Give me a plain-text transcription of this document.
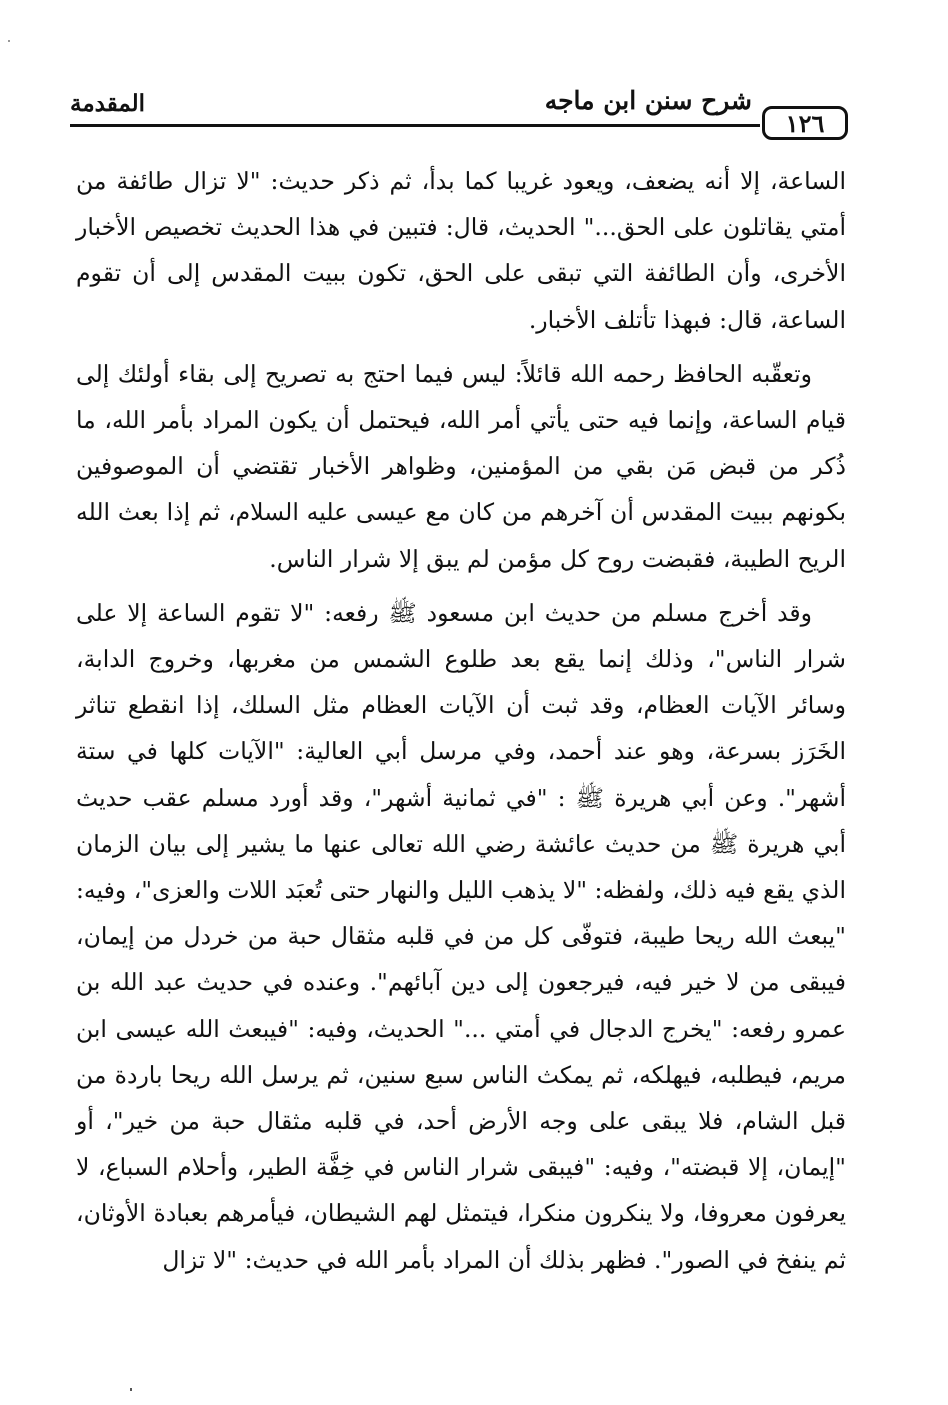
١٢٦
شرح سنن ابن ماجه
المقدمة

الساعة، إلا أنه يضعف، ويعود غريبا كما بدأ، ثم ذكر حديث: "لا تزال طائفة من أمتي يقاتلون على الحق..." الحديث، قال: فتبين في هذا الحديث تخصيص الأخبار الأخرى، وأن الطائفة التي تبقى على الحق، تكون ببيت المقدس إلى أن تقوم الساعة، قال: فبهذا تأتلف الأخبار.

وتعقّبه الحافظ رحمه الله قائلاً: ليس فيما احتج به تصريح إلى بقاء أولئك إلى قيام الساعة، وإنما فيه حتى يأتي أمر الله، فيحتمل أن يكون المراد بأمر الله، ما ذُكر من قبض مَن بقي من المؤمنين، وظواهر الأخبار تقتضي أن الموصوفين بكونهم ببيت المقدس أن آخرهم من كان مع عيسى عليه السلام، ثم إذا بعث الله الريح الطيبة، فقبضت روح كل مؤمن لم يبق إلا شرار الناس.

وقد أخرج مسلم من حديث ابن مسعود ﷺ رفعه: "لا تقوم الساعة إلا على شرار الناس"، وذلك إنما يقع بعد طلوع الشمس من مغربها، وخروج الدابة، وسائر الآيات العظام، وقد ثبت أن الآيات العظام مثل السلك، إذا انقطع تناثر الخَرَز بسرعة، وهو عند أحمد، وفي مرسل أبي العالية: "الآيات كلها في ستة أشهر". وعن أبي هريرة ﷺ : "في ثمانية أشهر"، وقد أورد مسلم عقب حديث أبي هريرة ﷺ من حديث عائشة رضي الله تعالى عنها ما يشير إلى بيان الزمان الذي يقع فيه ذلك، ولفظه: "لا يذهب الليل والنهار حتى تُعبَد اللات والعزى"، وفيه: "يبعث الله ريحا طيبة، فتوفّى كل من في قلبه مثقال حبة من خردل من إيمان، فيبقى من لا خير فيه، فيرجعون إلى دين آبائهم". وعنده في حديث عبد الله بن عمرو رفعه: "يخرج الدجال في أمتي ..." الحديث، وفيه: "فيبعث الله عيسى ابن مريم، فيطلبه، فيهلكه، ثم يمكث الناس سبع سنين، ثم يرسل الله ريحا باردة من قبل الشام، فلا يبقى على وجه الأرض أحد، في قلبه مثقال حبة من خير"، أو "إيمان، إلا قبضته"، وفيه: "فيبقى شرار الناس في خِفَّة الطير، وأحلام السباع، لا يعرفون معروفا، ولا ينكرون منكرا، فيتمثل لهم الشيطان، فيأمرهم بعبادة الأوثان، ثم ينفخ في الصور". فظهر بذلك أن المراد بأمر الله في حديث: "لا تزال
